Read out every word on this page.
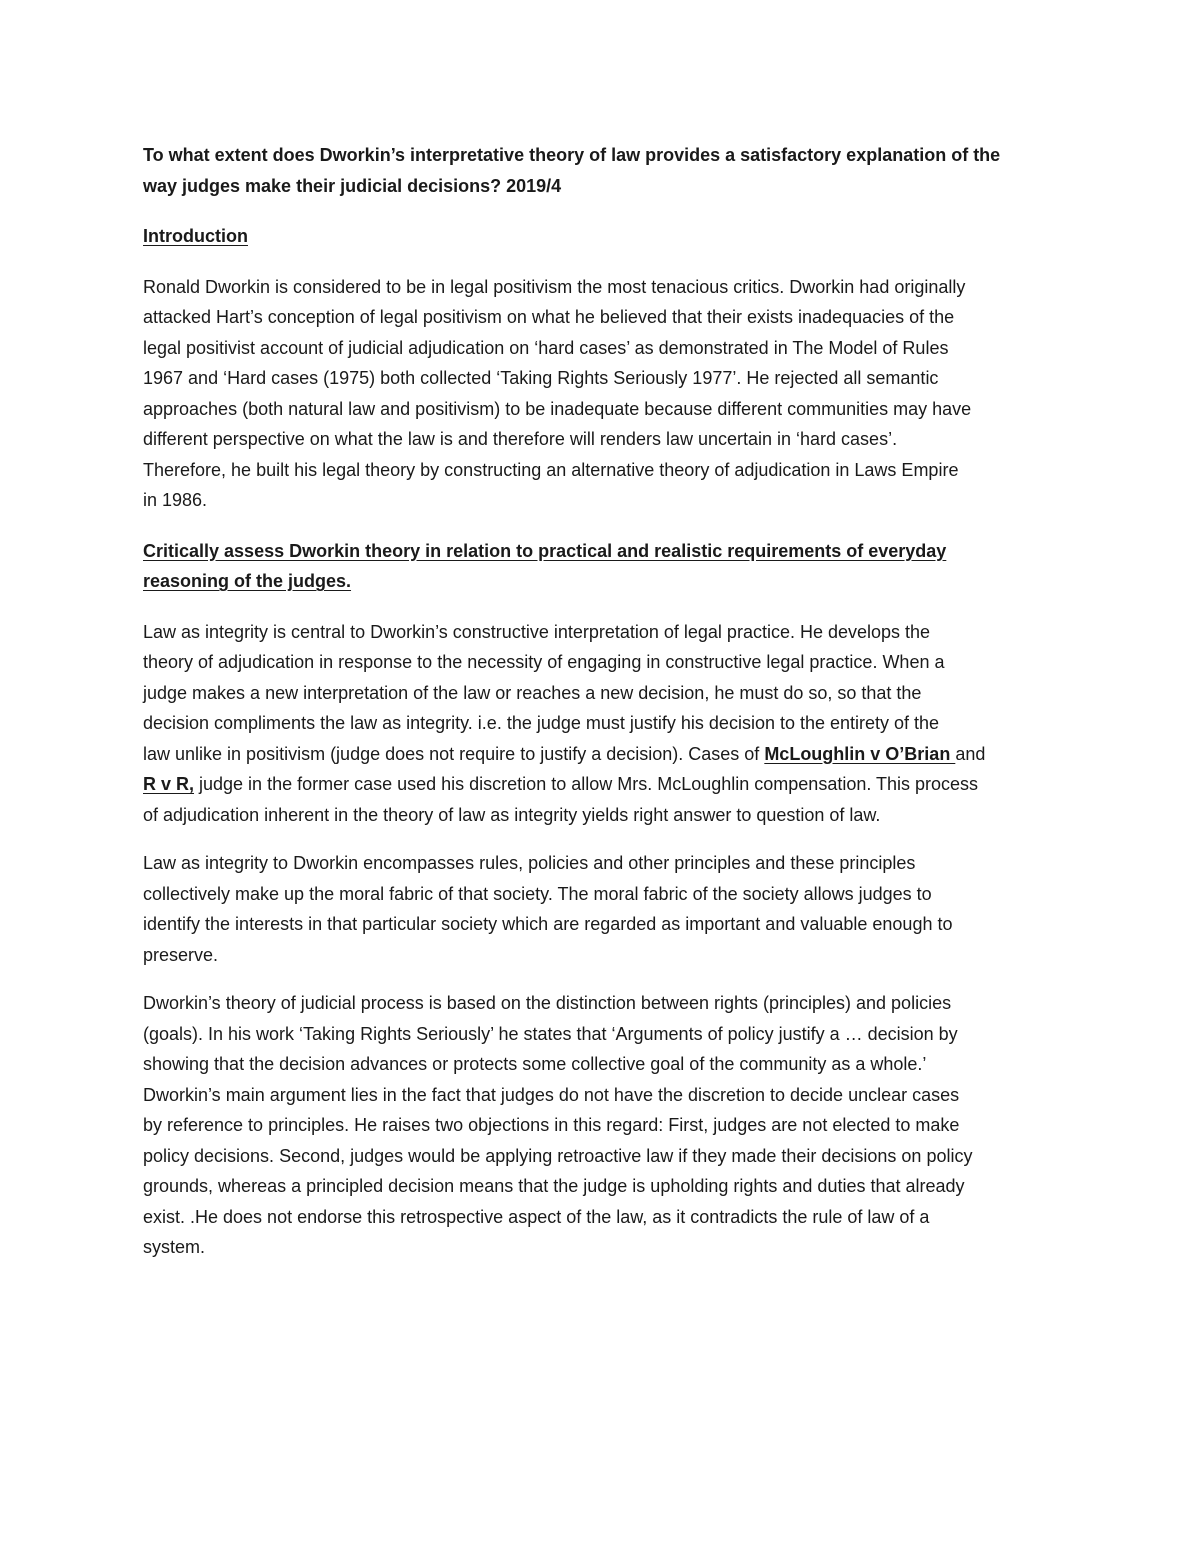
To what extent does Dworkin’s interpretative theory of law provides a satisfactory explanation of the
way judges make their judicial decisions? 2019/4
Introduction
Ronald Dworkin is considered to be in legal positivism the most tenacious critics. Dworkin had originally
attacked Hart’s conception of legal positivism on what he believed that their exists inadequacies of the
legal positivist account of judicial adjudication on ‘hard cases’ as demonstrated in The Model of Rules
1967 and ‘Hard cases (1975) both collected ‘Taking Rights Seriously 1977’. He rejected all semantic
approaches (both natural law and positivism) to be inadequate because different communities may have
different perspective on what the law is and therefore will renders law uncertain in ‘hard cases’.
Therefore, he built his legal theory by constructing an alternative theory of adjudication in Laws Empire
in 1986.
Critically assess Dworkin theory in relation to practical and realistic requirements of everyday
reasoning of the judges.
Law as integrity is central to Dworkin’s constructive interpretation of legal practice. He develops the
theory of adjudication in response to the necessity of engaging in constructive legal practice. When a
judge makes a new interpretation of the law or reaches a new decision, he must do so, so that the
decision compliments the law as integrity. i.e. the judge must justify his decision to the entirety of the
law unlike in positivism (judge does not require to justify a decision). Cases of McLoughlin v O’Brian and
R v R, judge in the former case used his discretion to allow Mrs. McLoughlin compensation. This process
of adjudication inherent in the theory of law as integrity yields right answer to question of law.
Law as integrity to Dworkin encompasses rules, policies and other principles and these principles
collectively make up the moral fabric of that society. The moral fabric of the society allows judges to
identify the interests in that particular society which are regarded as important and valuable enough to
preserve.
Dworkin’s theory of judicial process is based on the distinction between rights (principles) and policies
(goals). In his work ‘Taking Rights Seriously’ he states that ‘Arguments of policy justify a … decision by
showing that the decision advances or protects some collective goal of the community as a whole.’
Dworkin’s main argument lies in the fact that judges do not have the discretion to decide unclear cases
by reference to principles. He raises two objections in this regard: First, judges are not elected to make
policy decisions. Second, judges would be applying retroactive law if they made their decisions on policy
grounds, whereas a principled decision means that the judge is upholding rights and duties that already
exist. .He does not endorse this retrospective aspect of the law, as it contradicts the rule of law of a
system.
